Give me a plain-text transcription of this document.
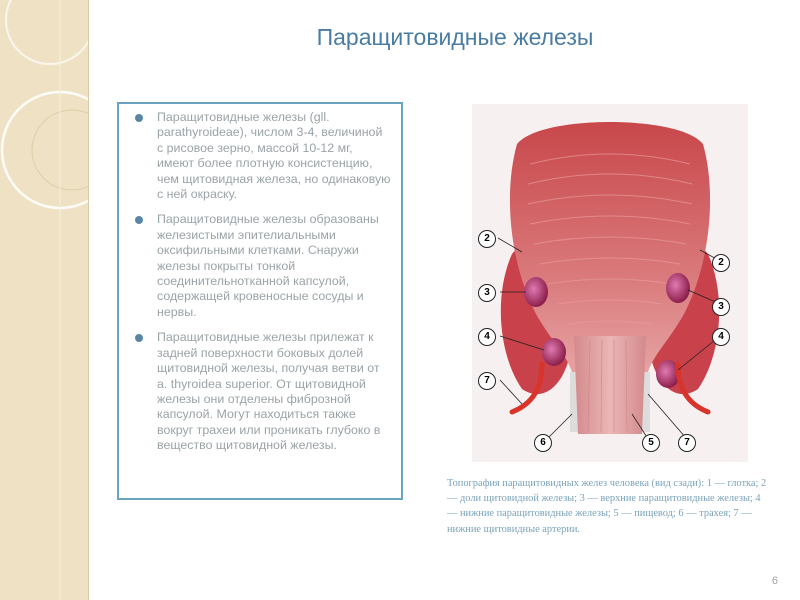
Паращитовидные железы
Паращитовидные железы (gll. parathyroideae), числом 3-4, величиной с рисовое зерно, массой 10-12 мг, имеют более плотную консистенцию, чем щитовидная железа, но одинаковую с ней окраску.
Паращитовидные железы образованы железистыми эпителиальными оксифильными клетками. Снаружи железы покрыты тонкой соединительнотканной капсулой, содержащей кровеносные сосуды и нервы.
Паращитовидные железы прилежат к задней поверхности боковых долей щитовидной железы, получая ветви от a. thyroidea superior. От щитовидной железы они отделены фиброзной капсулой. Могут находиться также вокруг трахеи или проникать глубоко в вещество щитовидной железы.
2
2
3
3
4	4
7
7
6	5
Топография паращитовидных желез человека (вид сзади): 1 — глотка; 2 — доли щитовидной железы; 3 — верхние паращитовидные железы; 4 — нижние паращитовидные железы; 5 — пищевод; 6 — трахея; 7 — нижние щитовидные артерии.
6
